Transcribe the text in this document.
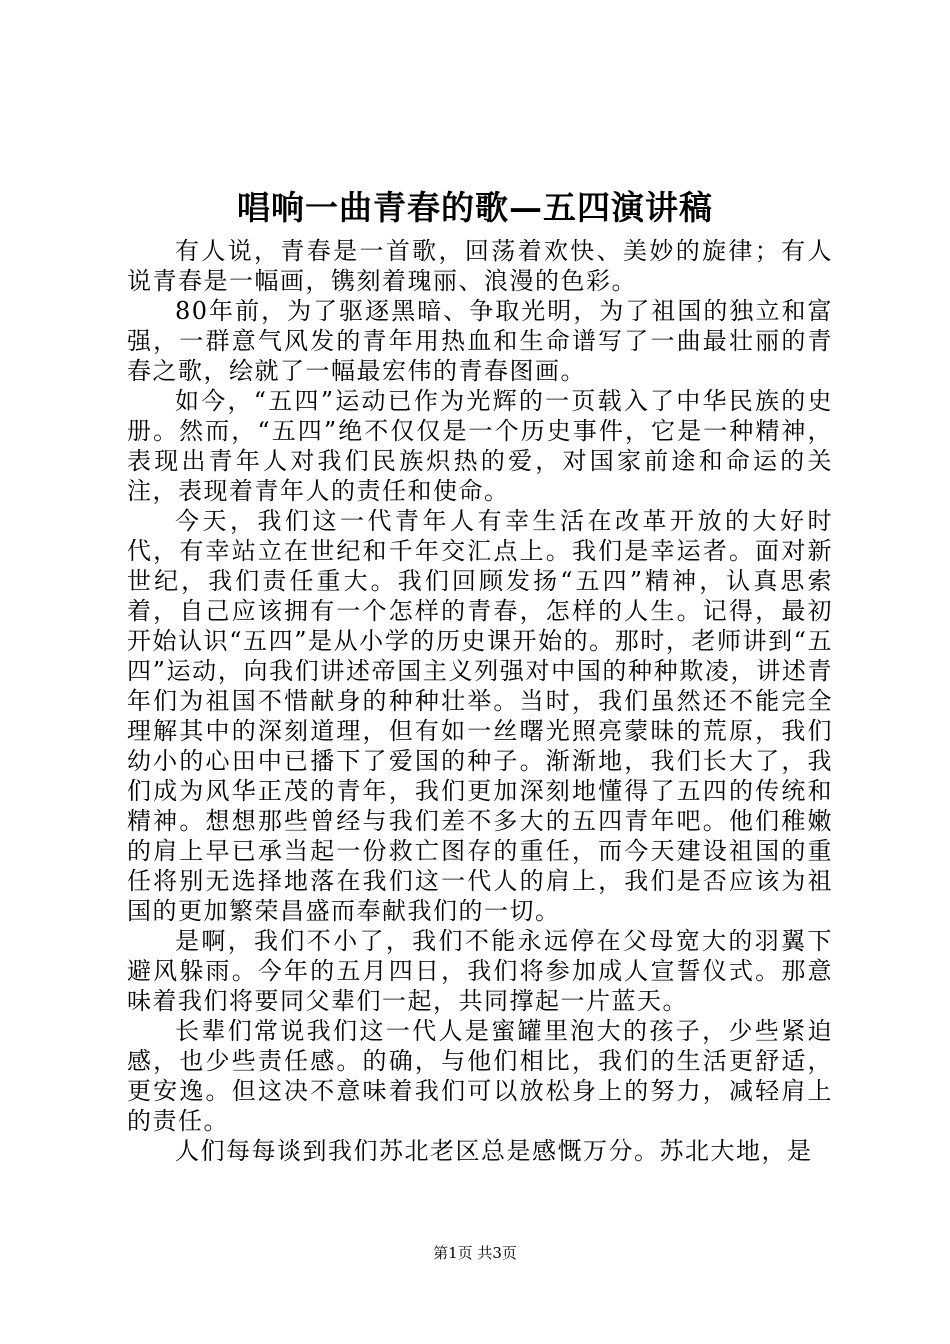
唱响一曲青春的歌—五四演讲稿

有人说，青春是一首歌，回荡着欢快、美妙的旋律；有人说青春是一幅画，镌刻着瑰丽、浪漫的色彩。

80年前，为了驱逐黑暗、争取光明，为了祖国的独立和富强，一群意气风发的青年用热血和生命谱写了一曲最壮丽的青春之歌，绘就了一幅最宏伟的青春图画。

如今，“五四”运动已作为光辉的一页载入了中华民族的史册。然而，“五四”绝不仅仅是一个历史事件，它是一种精神，表现出青年人对我们民族炽热的爱，对国家前途和命运的关注，表现着青年人的责任和使命。

今天，我们这一代青年人有幸生活在改革开放的大好时代，有幸站立在世纪和千年交汇点上。我们是幸运者。面对新世纪，我们责任重大。我们回顾发扬“五四”精神，认真思索着，自己应该拥有一个怎样的青春，怎样的人生。记得，最初开始认识“五四”是从小学的历史课开始的。那时，老师讲到“五四”运动，向我们讲述帝国主义列强对中国的种种欺凌，讲述青年们为祖国不惜献身的种种壮举。当时，我们虽然还不能完全理解其中的深刻道理，但有如一丝曙光照亮蒙昧的荒原，我们幼小的心田中已播下了爱国的种子。渐渐地，我们长大了，我们成为风华正茂的青年，我们更加深刻地懂得了五四的传统和精神。想想那些曾经与我们差不多大的五四青年吧。他们稚嫩的肩上早已承当起一份救亡图存的重任，而今天建设祖国的重任将别无选择地落在我们这一代人的肩上，我们是否应该为祖国的更加繁荣昌盛而奉献我们的一切。

是啊，我们不小了，我们不能永远停在父母宽大的羽翼下避风躲雨。今年的五月四日，我们将参加成人宣誓仪式。那意味着我们将要同父辈们一起，共同撑起一片蓝天。

长辈们常说我们这一代人是蜜罐里泡大的孩子，少些紧迫感，也少些责任感。的确，与他们相比，我们的生活更舒适，更安逸。但这决不意味着我们可以放松身上的努力，减轻肩上的责任。

人们每每谈到我们苏北老区总是感慨万分。苏北大地，是

第1页 共3页
